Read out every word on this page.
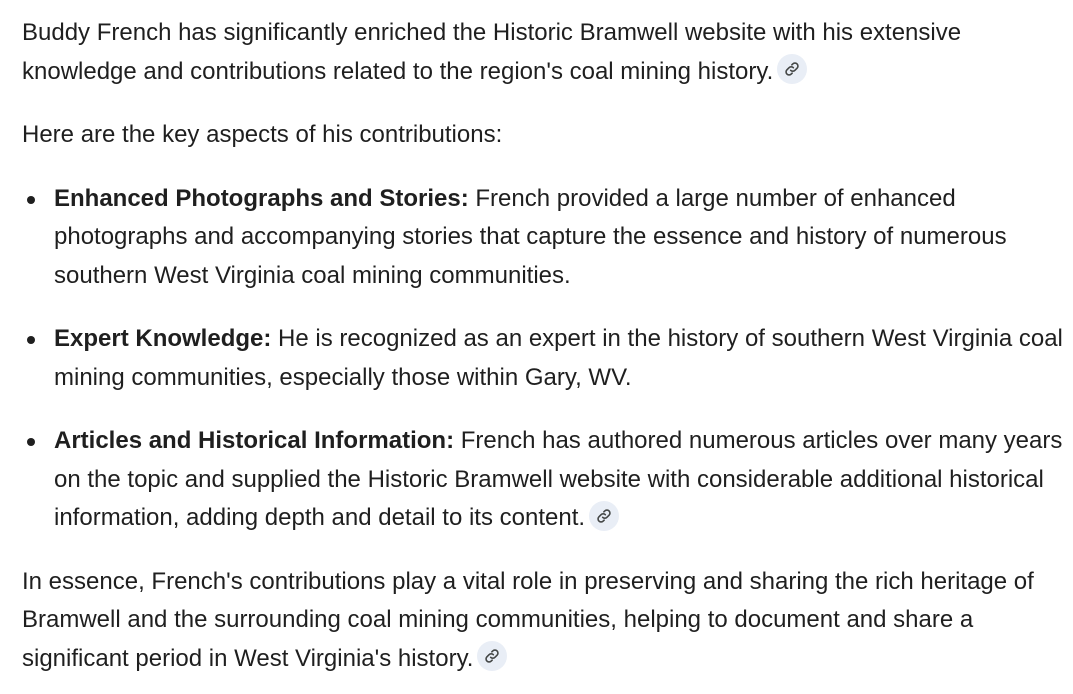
Buddy French has significantly enriched the Historic Bramwell website with his extensive knowledge and contributions related to the region's coal mining history.

Here are the key aspects of his contributions:

Enhanced Photographs and Stories: French provided a large number of enhanced photographs and accompanying stories that capture the essence and history of numerous southern West Virginia coal mining communities.
Expert Knowledge: He is recognized as an expert in the history of southern West Virginia coal mining communities, especially those within Gary, WV.
Articles and Historical Information: French has authored numerous articles over many years on the topic and supplied the Historic Bramwell website with considerable additional historical information, adding depth and detail to its content.

In essence, French's contributions play a vital role in preserving and sharing the rich heritage of Bramwell and the surrounding coal mining communities, helping to document and share a significant period in West Virginia's history.
